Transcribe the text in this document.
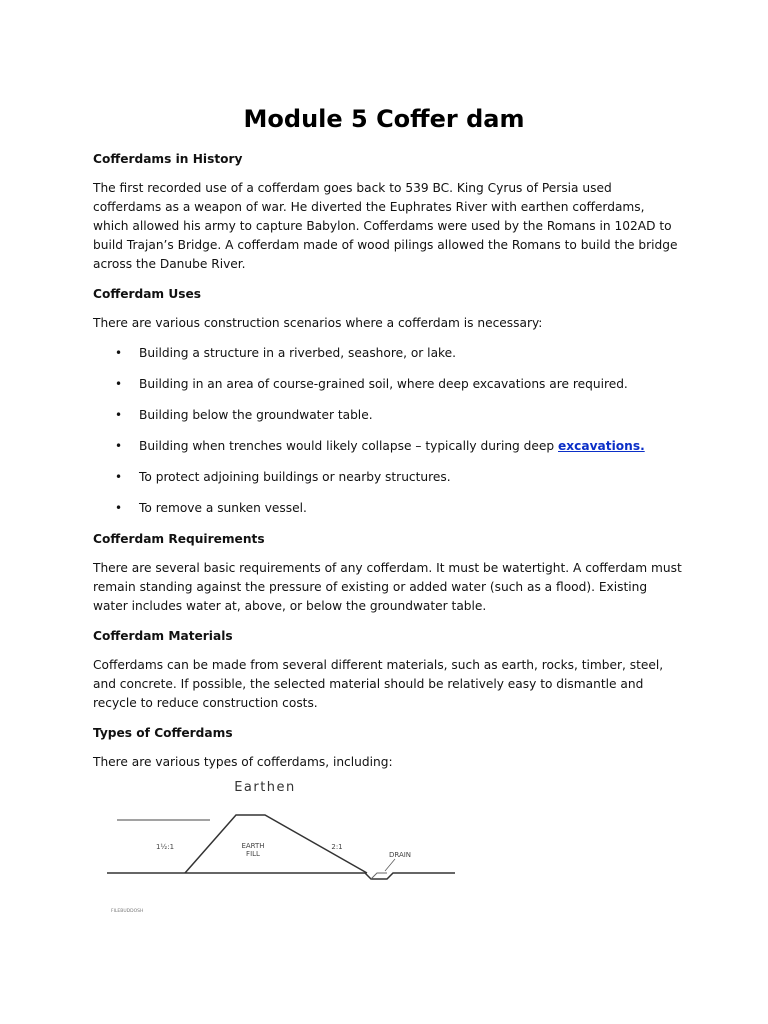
Module 5 Coffer dam
Cofferdams in History

The first recorded use of a cofferdam goes back to 539 BC. King Cyrus of Persia used cofferdams as a weapon of war. He diverted the Euphrates River with earthen cofferdams, which allowed his army to capture Babylon. Cofferdams were used by the Romans in 102AD to build Trajan’s Bridge. A cofferdam made of wood pilings allowed the Romans to build the bridge across the Danube River.

Cofferdam Uses

There are various construction scenarios where a cofferdam is necessary:

• Building a structure in a riverbed, seashore, or lake.
• Building in an area of course-grained soil, where deep excavations are required.
• Building below the groundwater table.
• Building when trenches would likely collapse – typically during deep excavations.
• To protect adjoining buildings or nearby structures.
• To remove a sunken vessel.
Cofferdam Requirements

There are several basic requirements of any cofferdam. It must be watertight. A cofferdam must remain standing against the pressure of existing or added water (such as a flood). Existing water includes water at, above, or below the groundwater table.

Cofferdam Materials

Cofferdams can be made from several different materials, such as earth, rocks, timber, steel, and concrete. If possible, the selected material should be relatively easy to dismantle and recycle to reduce construction costs.

Types of Cofferdams

There are various types of cofferdams, including:

Earthen
EARTH
FILL
1½:1	2:1
DRAIN
FILEBUDDOSH
